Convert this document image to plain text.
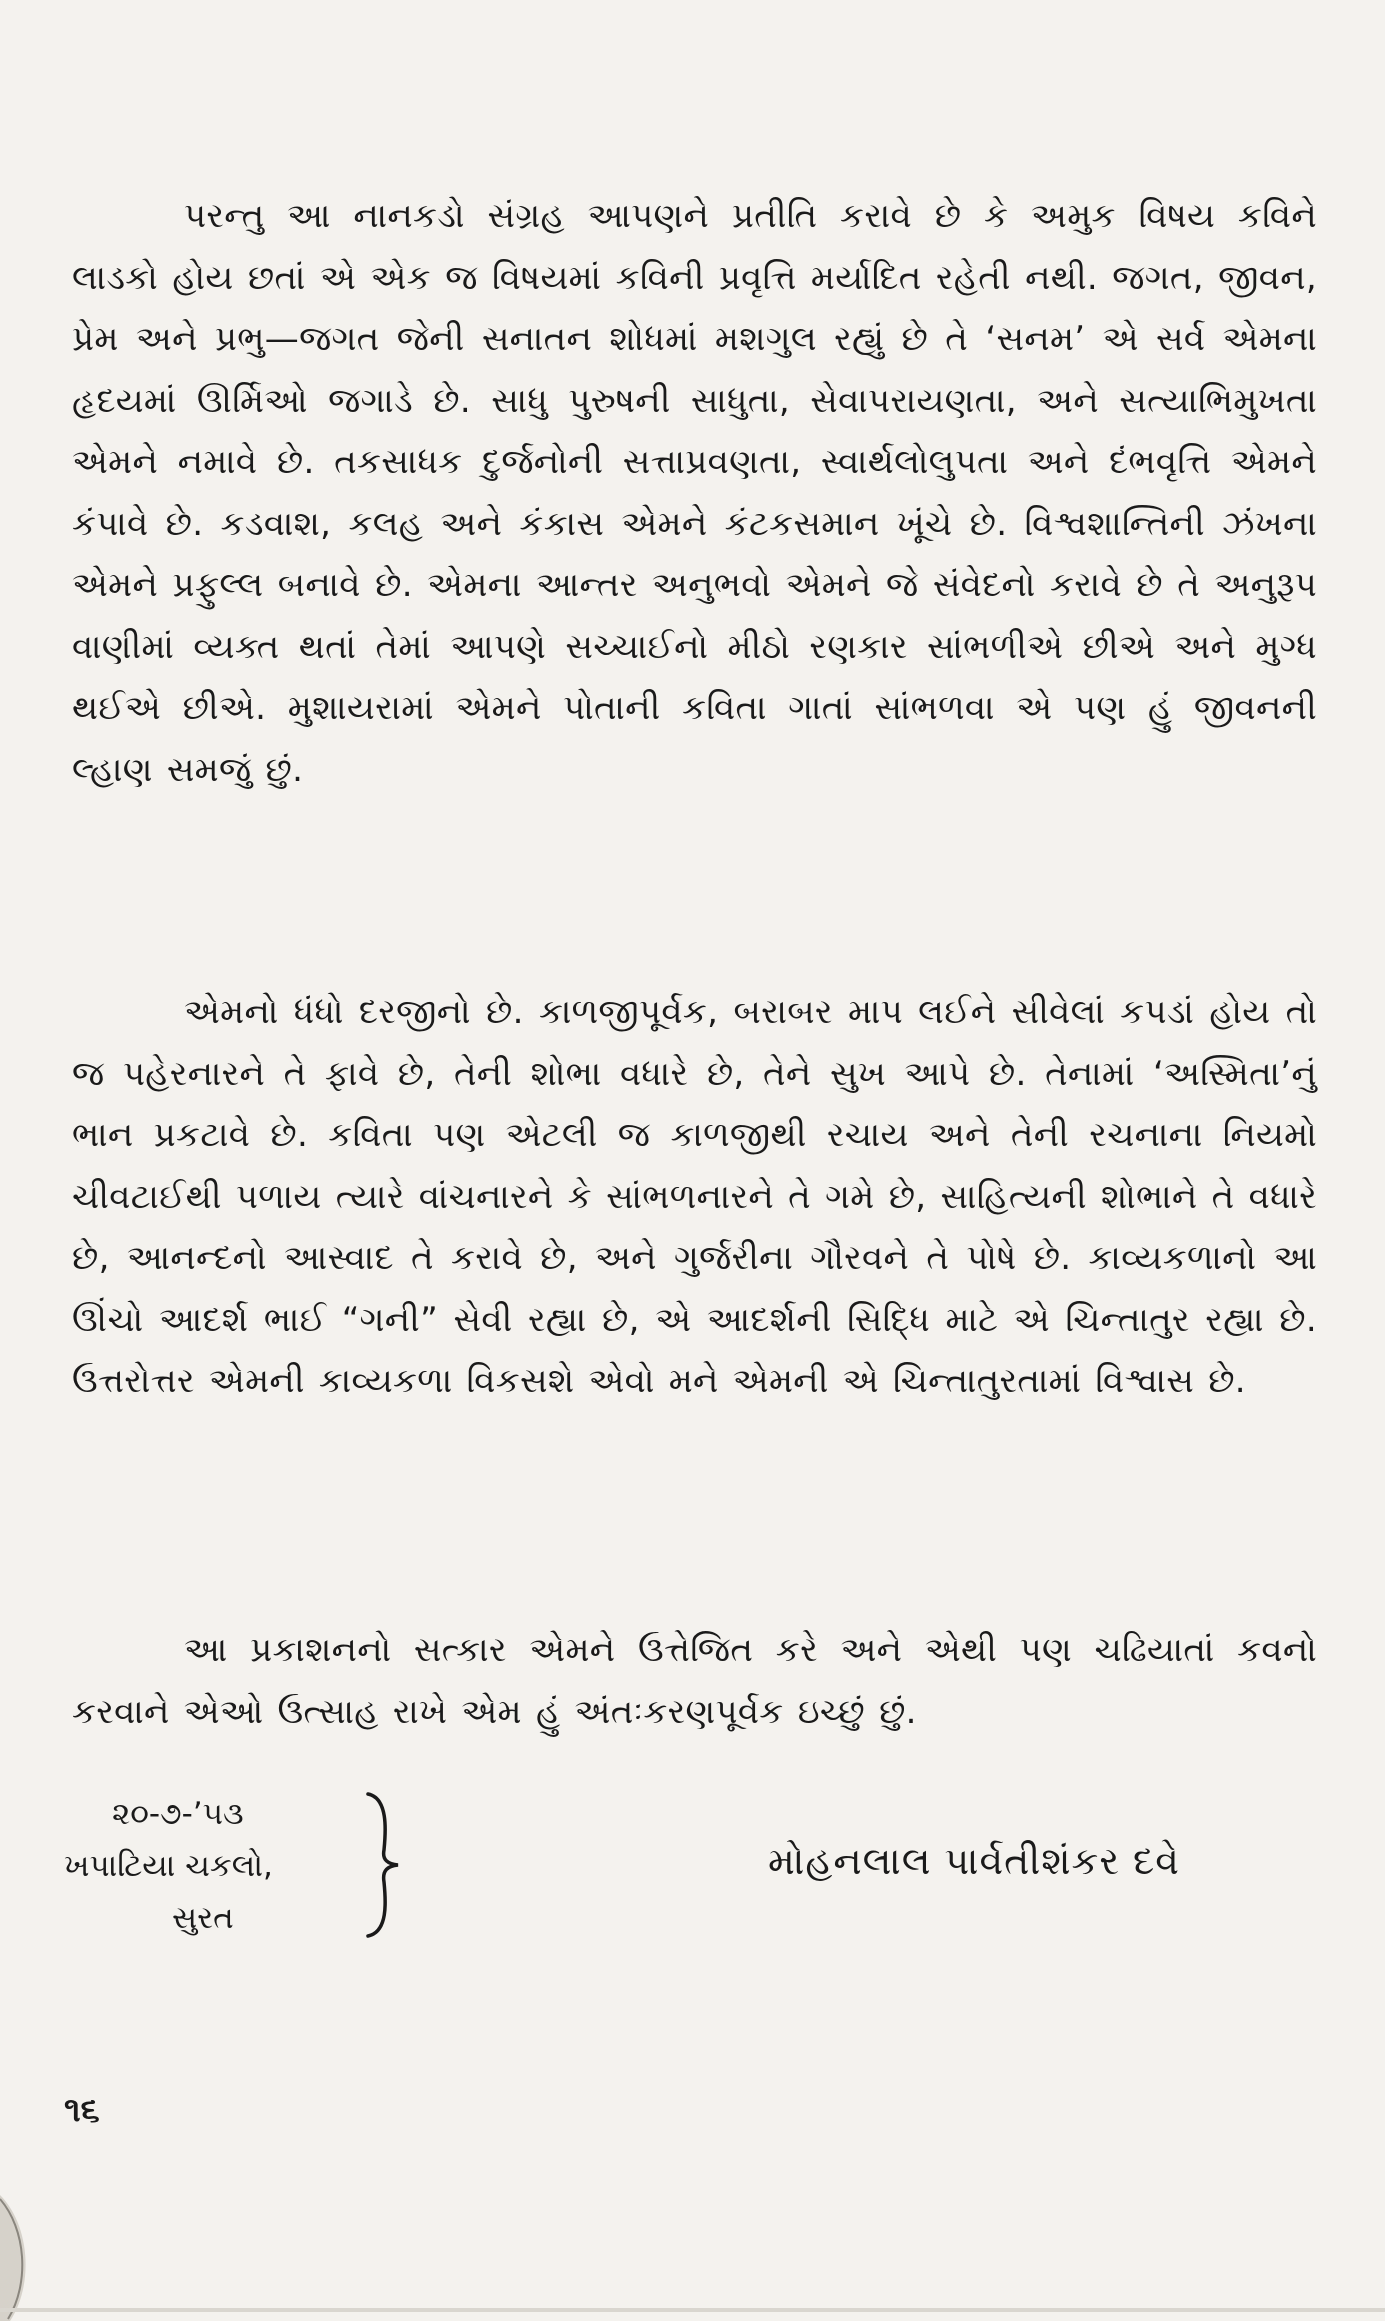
પરન્તુ આ નાનકડો સંગ્રહ આપણને પ્રતીતિ કરાવે છે કે અમુક વિષય કવિને લાડકો હોય છતાં એ એક જ વિષયમાં કવિની પ્રવૃત્તિ મર્યાદિત રહેતી નથી. જગત, જીવન, પ્રેમ અને પ્રભુ—જગત જેની સનાતન શોધમાં મશગુલ રહ્યું છે તે ‘સનમ’ એ સર્વ એમના હૃદયમાં ઊર્મિઓ જગાડે છે. સાધુ પુરુષની સાધુતા, સેવાપરાયણતા, અને સત્યાભિમુખતા એમને નમાવે છે. તકસાધક દુર્જનોની સત્તાપ્રવણતા, સ્વાર્થલોલુપતા અને દંભવૃત્તિ એમને કંપાવે છે. કડવાશ, કલહ અને કંકાસ એમને કંટકસમાન ખૂંચે છે. વિશ્વશાન્તિની ઝંખના એમને પ્રફુલ્લ બનાવે છે. એમના આન્તર અનુભવો એમને જે સંવેદનો કરાવે છે તે અનુરૂપ વાણીમાં વ્યક્ત થતાં તેમાં આપણે સચ્ચાઈનો મીઠો રણકાર સાંભળીએ છીએ અને મુગ્ધ થઈએ છીએ. મુશાયરામાં એમને પોતાની કવિતા ગાતાં સાંભળવા એ પણ હું જીવનની લ્હાણ સમજું છું.

એમનો ધંધો દરજીનો છે. કાળજીપૂર્વક, બરાબર માપ લઈને સીવેલાં કપડાં હોય તો જ પહેરનારને તે ફાવે છે, તેની શોભા વધારે છે, તેને સુખ આપે છે. તેનામાં ‘અસ્મિતા’નું ભાન પ્રકટાવે છે. કવિતા પણ એટલી જ કાળજીથી રચાય અને તેની રચનાના નિયમો ચીવટાઈથી પળાય ત્યારે વાંચનારને કે સાંભળનારને તે ગમે છે, સાહિત્યની શોભાને તે વધારે છે, આનન્દનો આસ્વાદ તે કરાવે છે, અને ગુર્જરીના ગૌરવને તે પોષે છે. કાવ્યકળાનો આ ઊંચો આદર્શ ભાઈ “ગની” સેવી રહ્યા છે, એ આદર્શની સિદ્ધિ માટે એ ચિન્તાતુર રહ્યા છે. ઉત્તરોત્તર એમની કાવ્યકળા વિકસશે એવો મને એમની એ ચિન્તાતુરતામાં વિશ્વાસ છે.

આ પ્રકાશનનો સત્કાર એમને ઉત્તેજિત કરે અને એથી પણ ચઢિયાતાં કવનો કરવાને એઓ ઉત્સાહ રાખે એમ હું અંતઃકરણપૂર્વક ઇચ્છું છું.

૨૦-૭-’૫૩
ખપાટિયા ચકલો,
સુરત
મોહનલાલ પાર્વતીશંકર દવે
૧૬
